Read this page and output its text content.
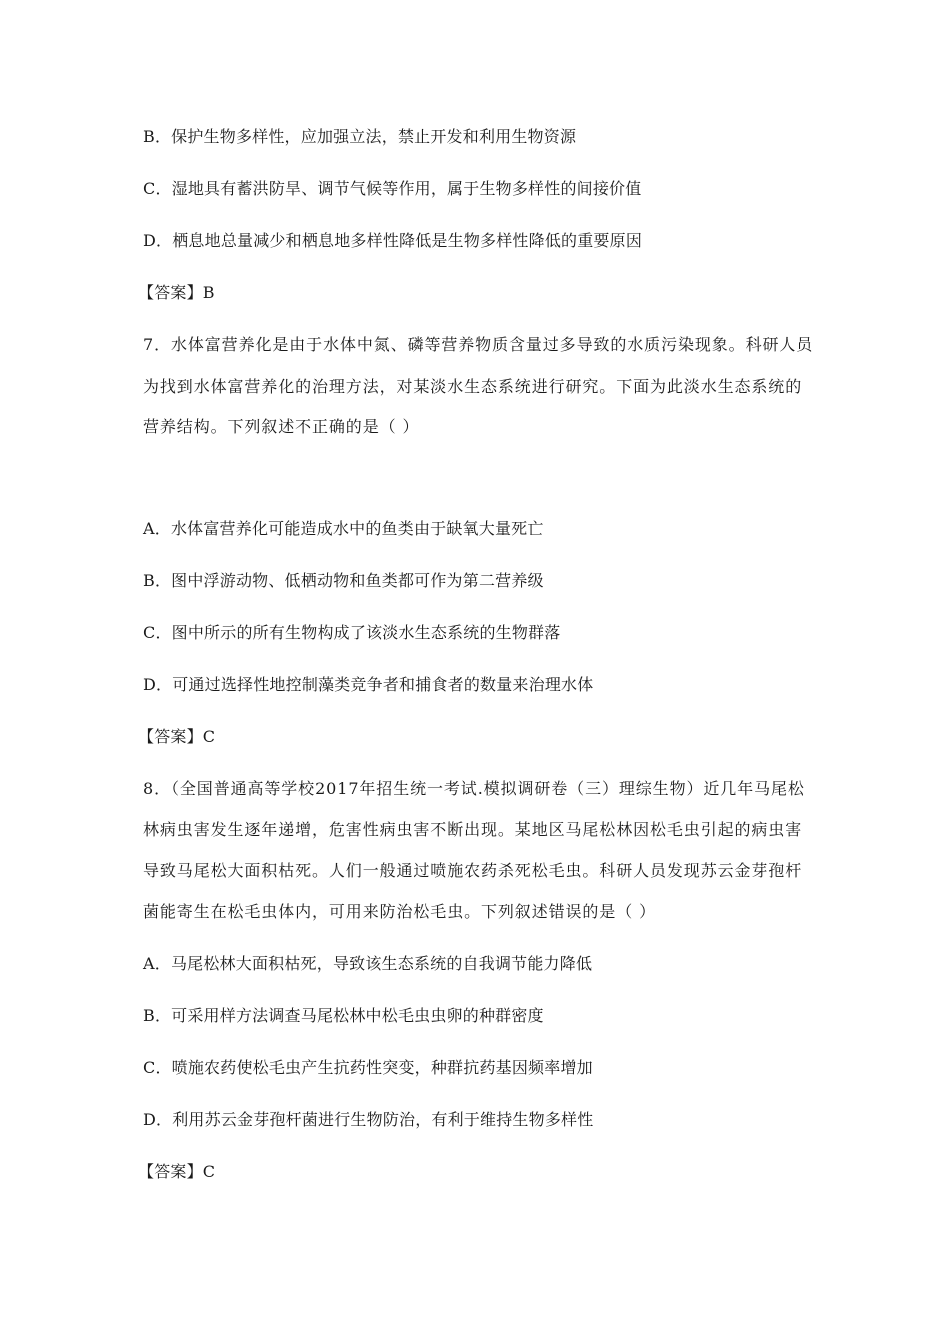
B．保护生物多样性，应加强立法，禁止开发和利用生物资源
C．湿地具有蓄洪防旱、调节气候等作用，属于生物多样性的间接价值
D．栖息地总量减少和栖息地多样性降低是生物多样性降低的重要原因
【答案】B
7．水体富营养化是由于水体中氮、磷等营养物质含量过多导致的水质污染现象。科研人员
为找到水体富营养化的治理方法，对某淡水生态系统进行研究。下面为此淡水生态系统的
营养结构。下列叙述不正确的是（ ）
A．水体富营养化可能造成水中的鱼类由于缺氧大量死亡
B．图中浮游动物、低栖动物和鱼类都可作为第二营养级
C．图中所示的所有生物构成了该淡水生态系统的生物群落
D．可通过选择性地控制藻类竞争者和捕食者的数量来治理水体
【答案】C
8．（全国普通高等学校2017年招生统一考试.模拟调研卷（三）理综生物）近几年马尾松
林病虫害发生逐年递增，危害性病虫害不断出现。某地区马尾松林因松毛虫引起的病虫害
导致马尾松大面积枯死。人们一般通过喷施农药杀死松毛虫。科研人员发现苏云金芽孢杆
菌能寄生在松毛虫体内，可用来防治松毛虫。下列叙述错误的是（ ）
A．马尾松林大面积枯死，导致该生态系统的自我调节能力降低
B．可采用样方法调查马尾松林中松毛虫虫卵的种群密度
C．喷施农药使松毛虫产生抗药性突变，种群抗药基因频率增加
D．利用苏云金芽孢杆菌进行生物防治，有利于维持生物多样性
【答案】C
